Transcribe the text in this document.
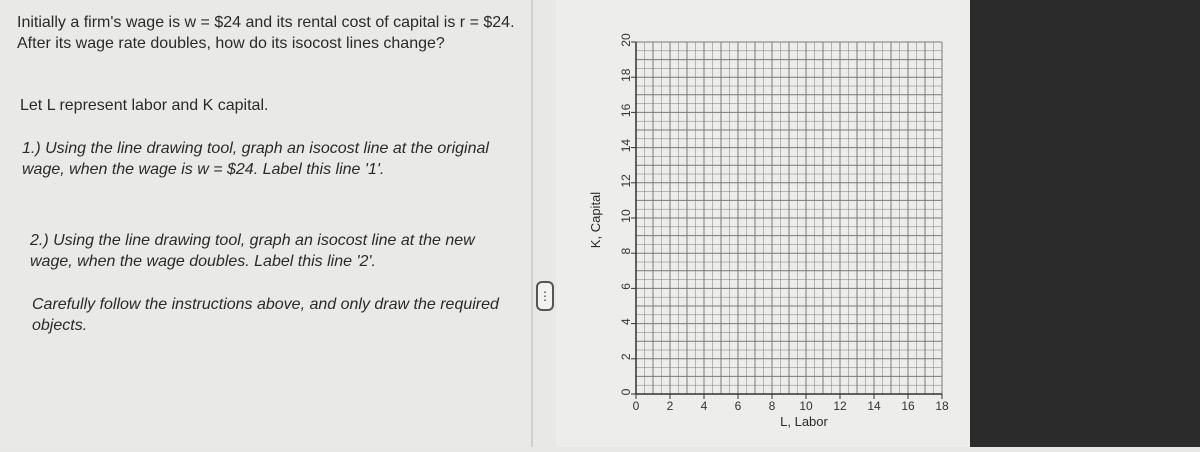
Initially a firm's wage is w = $24 and its rental cost of capital is r = $24. After its wage rate doubles, how do its isocost lines change?

Let L represent labor and K capital.

1.) Using the line drawing tool, graph an isocost line at the original wage, when the wage is w = $24. Label this line '1'.

2.) Using the line drawing tool, graph an isocost line at the new wage, when the wage doubles. Label this line '2'.

Carefully follow the instructions above, and only draw the required objects.

⋮
0
2
4
6
8
10
12
14
16
18
20
0 2 4 6 8 10 12 14 16 18
L, Labor
K, Capital
